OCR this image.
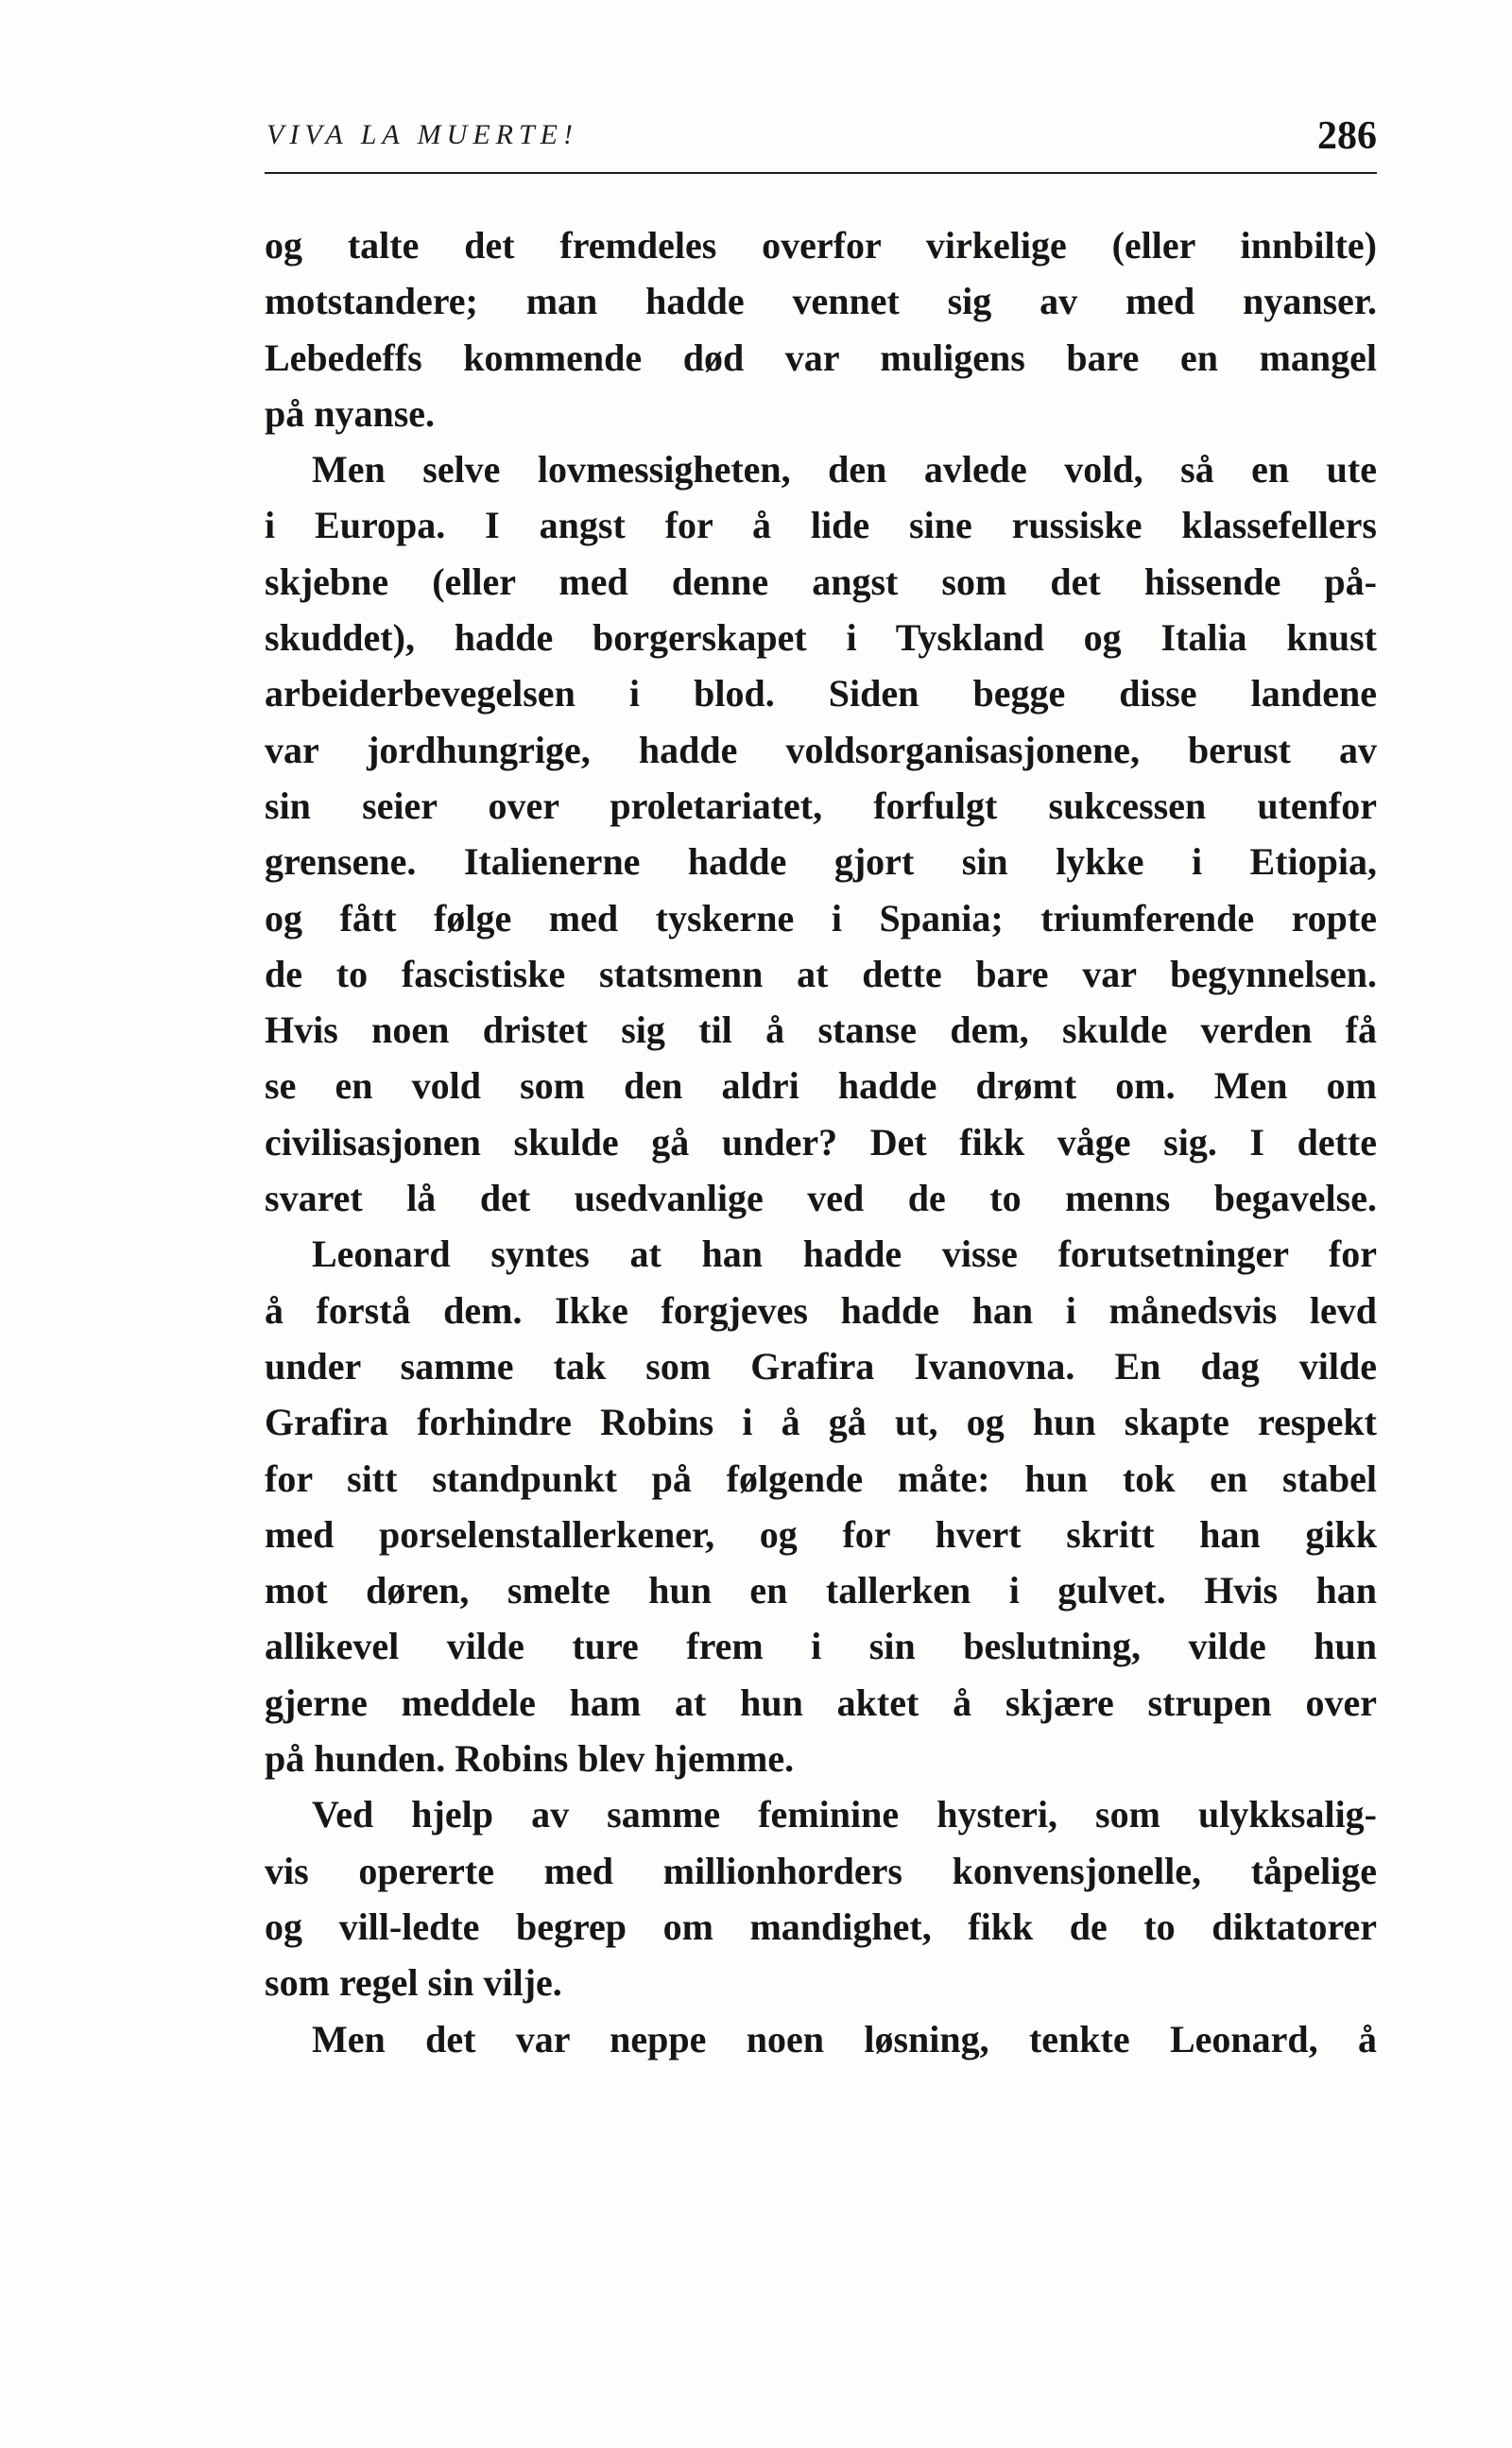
VIVA LA MUERTE!	286
og talte det fremdeles overfor virkelige (eller innbilte)
motstandere; man hadde vennet sig av med nyanser.
Lebedeffs kommende død var muligens bare en mangel
på nyanse.
Men selve lovmessigheten, den avlede vold, så en ute
i Europa. I angst for å lide sine russiske klassefellers
skjebne (eller med denne angst som det hissende på-
skuddet), hadde borgerskapet i Tyskland og Italia knust
arbeiderbevegelsen i blod. Siden begge disse landene
var jordhungrige, hadde voldsorganisasjonene, berust av
sin seier over proletariatet, forfulgt sukcessen utenfor
grensene. Italienerne hadde gjort sin lykke i Etiopia,
og fått følge med tyskerne i Spania; triumferende ropte
de to fascistiske statsmenn at dette bare var begynnelsen.
Hvis noen dristet sig til å stanse dem, skulde verden få
se en vold som den aldri hadde drømt om. Men om
civilisasjonen skulde gå under? Det fikk våge sig. I dette
svaret lå det usedvanlige ved de to menns begavelse.
Leonard syntes at han hadde visse forutsetninger for
å forstå dem. Ikke forgjeves hadde han i månedsvis levd
under samme tak som Grafira Ivanovna. En dag vilde
Grafira forhindre Robins i å gå ut, og hun skapte respekt
for sitt standpunkt på følgende måte: hun tok en stabel
med porselenstallerkener, og for hvert skritt han gikk
mot døren, smelte hun en tallerken i gulvet. Hvis han
allikevel vilde ture frem i sin beslutning, vilde hun
gjerne meddele ham at hun aktet å skjære strupen over
på hunden. Robins blev hjemme.
Ved hjelp av samme feminine hysteri, som ulykksalig-
vis opererte med millionhorders konvensjonelle, tåpelige
og vill-ledte begrep om mandighet, fikk de to diktatorer
som regel sin vilje.
Men det var neppe noen løsning, tenkte Leonard, å
